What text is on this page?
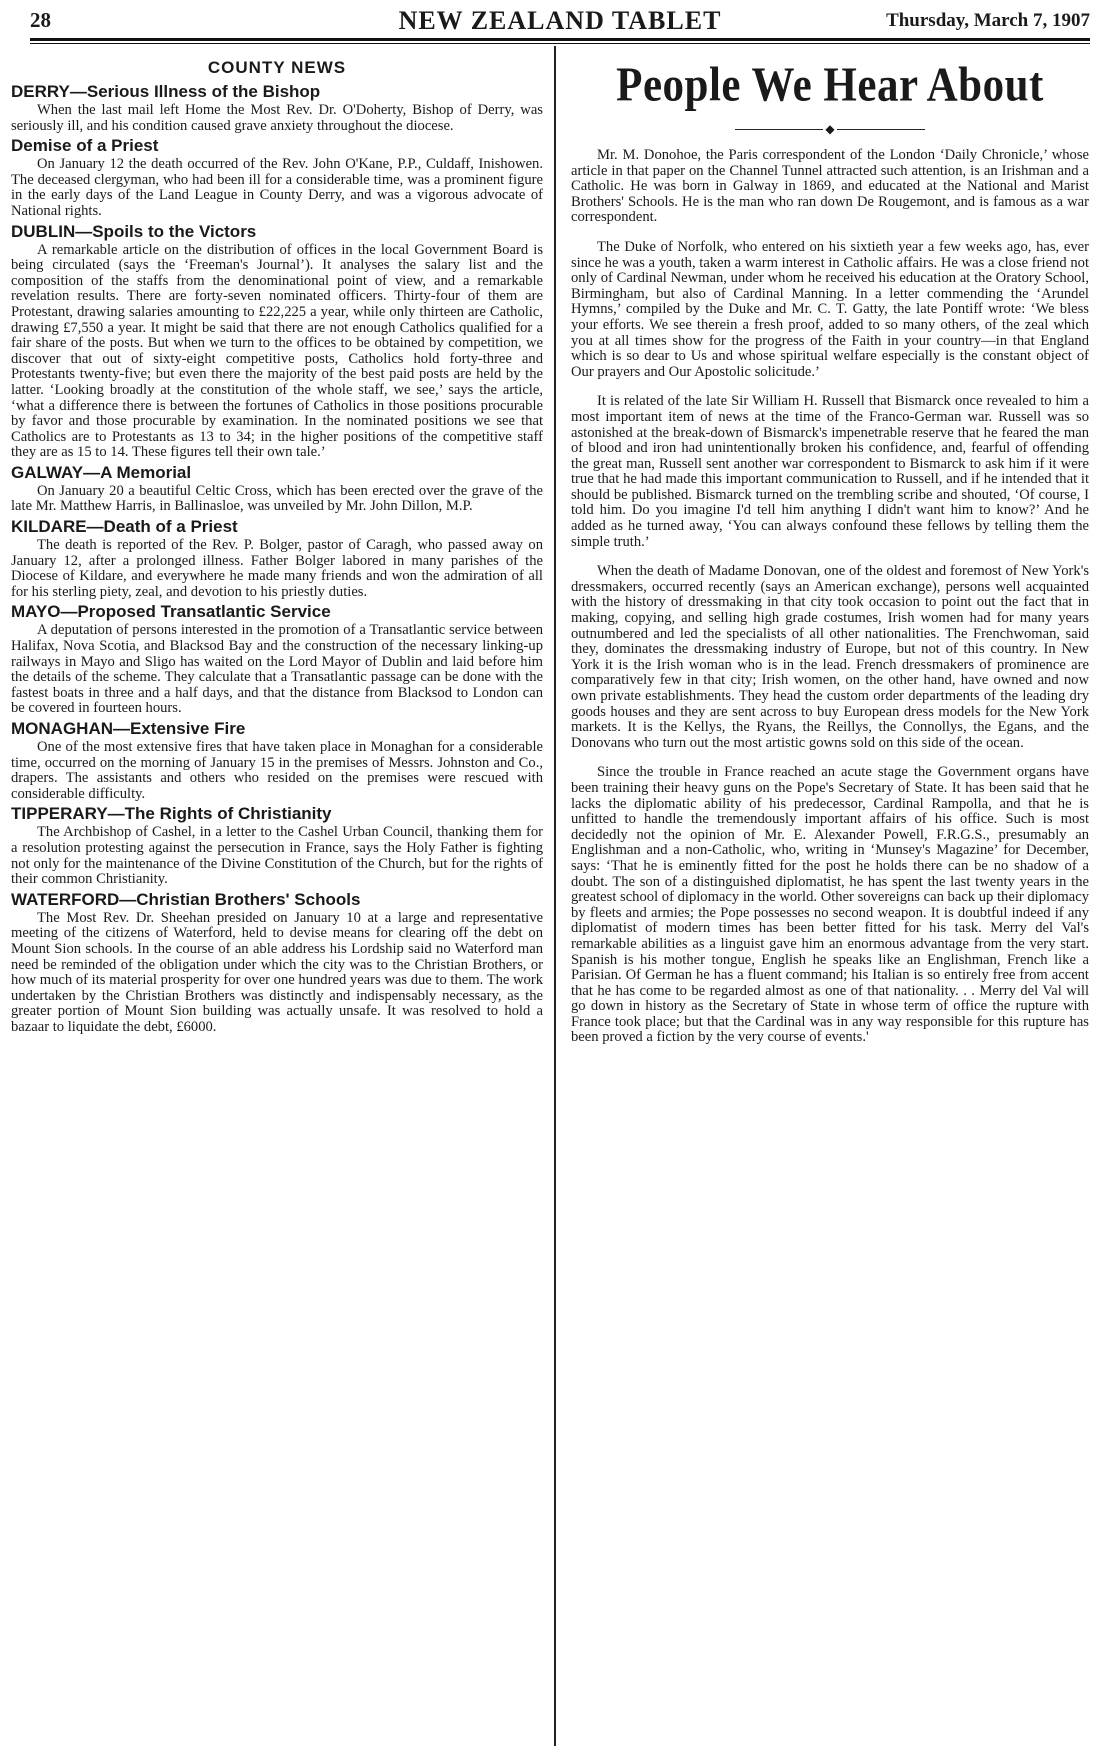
28	NEW ZEALAND TABLET	Thursday, March 7, 1907
COUNTY NEWS
DERRY—Serious Illness of the Bishop

When the last mail left Home the Most Rev. Dr. O'Doherty, Bishop of Derry, was seriously ill, and his condition caused grave anxiety throughout the diocese.

Demise of a Priest

On January 12 the death occurred of the Rev. John O'Kane, P.P., Culdaff, Inishowen. The deceased clergyman, who had been ill for a considerable time, was a prominent figure in the early days of the Land League in County Derry, and was a vigorous advocate of National rights.

DUBLIN—Spoils to the Victors

A remarkable article on the distribution of offices in the local Government Board is being circulated (says the ‘Freeman's Journal’). It analyses the salary list and the composition of the staffs from the denominational point of view, and a remarkable revelation results. There are forty-seven nominated officers. Thirty-four of them are Protestant, drawing salaries amounting to £22,225 a year, while only thirteen are Catholic, drawing £7,550 a year. It might be said that there are not enough Catholics qualified for a fair share of the posts. But when we turn to the offices to be obtained by competition, we discover that out of sixty-eight competitive posts, Catholics hold forty-three and Protestants twenty-five; but even there the majority of the best paid posts are held by the latter. ‘Looking broadly at the constitution of the whole staff, we see,’ says the article, ‘what a difference there is between the fortunes of Catholics in those positions procurable by favor and those procurable by examination. In the nominated positions we see that Catholics are to Protestants as 13 to 34; in the higher positions of the competitive staff they are as 15 to 14. These figures tell their own tale.’

GALWAY—A Memorial

On January 20 a beautiful Celtic Cross, which has been erected over the grave of the late Mr. Matthew Harris, in Ballinasloe, was unveiled by Mr. John Dillon, M.P.

KILDARE—Death of a Priest

The death is reported of the Rev. P. Bolger, pastor of Caragh, who passed away on January 12, after a prolonged illness. Father Bolger labored in many parishes of the Diocese of Kildare, and everywhere he made many friends and won the admiration of all for his sterling piety, zeal, and devotion to his priestly duties.

MAYO—Proposed Transatlantic Service

A deputation of persons interested in the promotion of a Transatlantic service between Halifax, Nova Scotia, and Blacksod Bay and the construction of the necessary linking-up railways in Mayo and Sligo has waited on the Lord Mayor of Dublin and laid before him the details of the scheme. They calculate that a Transatlantic passage can be done with the fastest boats in three and a half days, and that the distance from Blacksod to London can be covered in fourteen hours.

MONAGHAN—Extensive Fire

One of the most extensive fires that have taken place in Monaghan for a considerable time, occurred on the morning of January 15 in the premises of Messrs. Johnston and Co., drapers. The assistants and others who resided on the premises were rescued with considerable difficulty.

TIPPERARY—The Rights of Christianity

The Archbishop of Cashel, in a letter to the Cashel Urban Council, thanking them for a resolution protesting against the persecution in France, says the Holy Father is fighting not only for the maintenance of the Divine Constitution of the Church, but for the rights of their common Christianity.

WATERFORD—Christian Brothers' Schools

The Most Rev. Dr. Sheehan presided on January 10 at a large and representative meeting of the citizens of Waterford, held to devise means for clearing off the debt on Mount Sion schools. In the course of an able address his Lordship said no Waterford man need be reminded of the obligation under which the city was to the Christian Brothers, or how much of its material prosperity for over one hundred years was due to them. The work undertaken by the Christian Brothers was distinctly and indispensably necessary, as the greater portion of Mount Sion building was actually unsafe. It was resolved to hold a bazaar to liquidate the debt, £6000.

People We Hear About
◆

Mr. M. Donohoe, the Paris correspondent of the London ‘Daily Chronicle,’ whose article in that paper on the Channel Tunnel attracted such attention, is an Irishman and a Catholic. He was born in Galway in 1869, and educated at the National and Marist Brothers' Schools. He is the man who ran down De Rougemont, and is famous as a war correspondent.

The Duke of Norfolk, who entered on his sixtieth year a few weeks ago, has, ever since he was a youth, taken a warm interest in Catholic affairs. He was a close friend not only of Cardinal Newman, under whom he received his education at the Oratory School, Birmingham, but also of Cardinal Manning. In a letter commending the ‘Arundel Hymns,’ compiled by the Duke and Mr. C. T. Gatty, the late Pontiff wrote: ‘We bless your efforts. We see therein a fresh proof, added to so many others, of the zeal which you at all times show for the progress of the Faith in your country—in that England which is so dear to Us and whose spiritual welfare especially is the constant object of Our prayers and Our Apostolic solicitude.’

It is related of the late Sir William H. Russell that Bismarck once revealed to him a most important item of news at the time of the Franco-German war. Russell was so astonished at the break-down of Bismarck's impenetrable reserve that he feared the man of blood and iron had unintentionally broken his confidence, and, fearful of offending the great man, Russell sent another war correspondent to Bismarck to ask him if it were true that he had made this important communication to Russell, and if he intended that it should be published. Bismarck turned on the trembling scribe and shouted, ‘Of course, I told him. Do you imagine I'd tell him anything I didn't want him to know?’ And he added as he turned away, ‘You can always confound these fellows by telling them the simple truth.’

When the death of Madame Donovan, one of the oldest and foremost of New York's dressmakers, occurred recently (says an American exchange), persons well acquainted with the history of dressmaking in that city took occasion to point out the fact that in making, copying, and selling high grade costumes, Irish women had for many years outnumbered and led the specialists of all other nationalities. The Frenchwoman, said they, dominates the dressmaking industry of Europe, but not of this country. In New York it is the Irish woman who is in the lead. French dressmakers of prominence are comparatively few in that city; Irish women, on the other hand, have owned and now own private establishments. They head the custom order departments of the leading dry goods houses and they are sent across to buy European dress models for the New York markets. It is the Kellys, the Ryans, the Reillys, the Connollys, the Egans, and the Donovans who turn out the most artistic gowns sold on this side of the ocean.

Since the trouble in France reached an acute stage the Government organs have been training their heavy guns on the Pope's Secretary of State. It has been said that he lacks the diplomatic ability of his predecessor, Cardinal Rampolla, and that he is unfitted to handle the tremendously important affairs of his office. Such is most decidedly not the opinion of Mr. E. Alexander Powell, F.R.G.S., presumably an Englishman and a non-Catholic, who, writing in ‘Munsey's Magazine’ for December, says: ‘That he is eminently fitted for the post he holds there can be no shadow of a doubt. The son of a distinguished diplomatist, he has spent the last twenty years in the greatest school of diplomacy in the world. Other sovereigns can back up their diplomacy by fleets and armies; the Pope possesses no second weapon. It is doubtful indeed if any diplomatist of modern times has been better fitted for his task. Merry del Val's remarkable abilities as a linguist gave him an enormous advantage from the very start. Spanish is his mother tongue, English he speaks like an Englishman, French like a Parisian. Of German he has a fluent command; his Italian is so entirely free from accent that he has come to be regarded almost as one of that nationality. . . Merry del Val will go down in history as the Secretary of State in whose term of office the rupture with France took place; but that the Cardinal was in any way responsible for this rupture has been proved a fiction by the very course of events.'
